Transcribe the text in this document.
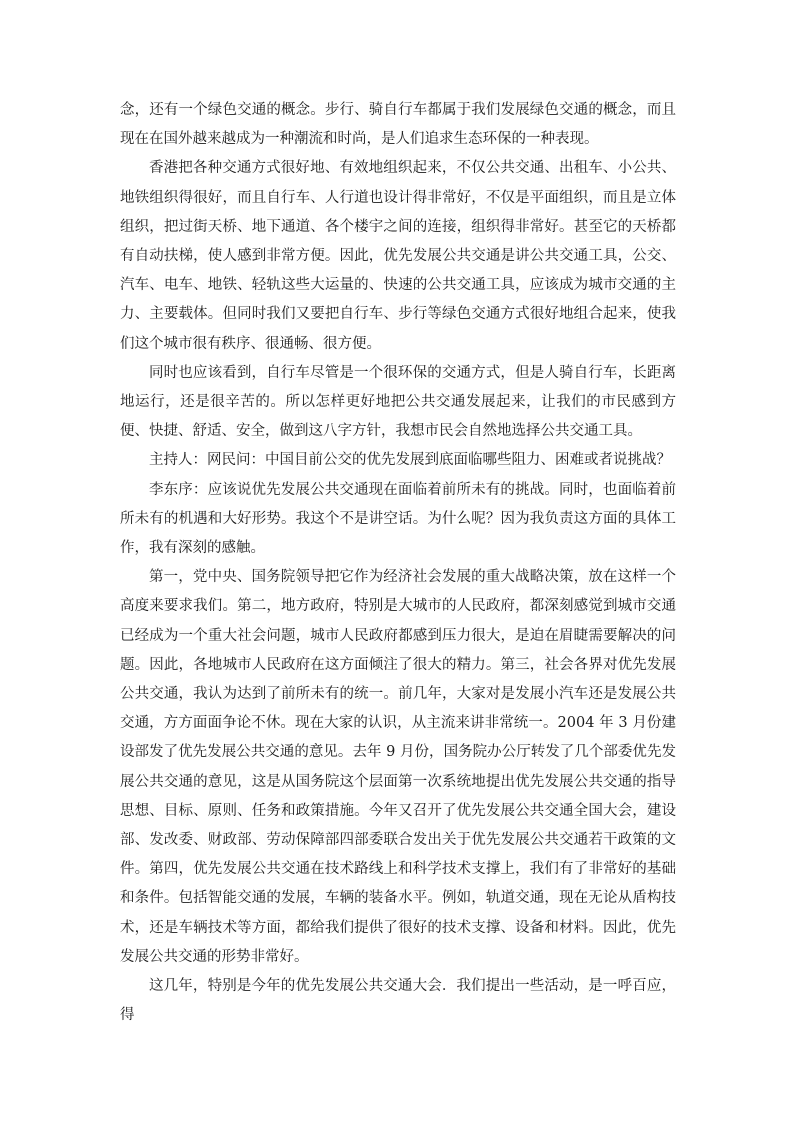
念，还有一个绿色交通的概念。步行、骑自行车都属于我们发展绿色交通的概念，而且现在在国外越来越成为一种潮流和时尚，是人们追求生态环保的一种表现。

香港把各种交通方式很好地、有效地组织起来，不仅公共交通、出租车、小公共、地铁组织得很好，而且自行车、人行道也设计得非常好，不仅是平面组织，而且是立体组织，把过街天桥、地下通道、各个楼宇之间的连接，组织得非常好。甚至它的天桥都有自动扶梯，使人感到非常方便。因此，优先发展公共交通是讲公共交通工具，公交、汽车、电车、地铁、轻轨这些大运量的、快速的公共交通工具，应该成为城市交通的主力、主要载体。但同时我们又要把自行车、步行等绿色交通方式很好地组合起来，使我们这个城市很有秩序、很通畅、很方便。

同时也应该看到，自行车尽管是一个很环保的交通方式，但是人骑自行车，长距离地运行，还是很辛苦的。所以怎样更好地把公共交通发展起来，让我们的市民感到方便、快捷、舒适、安全，做到这八字方针，我想市民会自然地选择公共交通工具。

主持人：网民问：中国目前公交的优先发展到底面临哪些阻力、困难或者说挑战？

李东序：应该说优先发展公共交通现在面临着前所未有的挑战。同时，也面临着前所未有的机遇和大好形势。我这个不是讲空话。为什么呢？因为我负责这方面的具体工作，我有深刻的感触。

第一，党中央、国务院领导把它作为经济社会发展的重大战略决策，放在这样一个高度来要求我们。第二，地方政府，特别是大城市的人民政府，都深刻感觉到城市交通已经成为一个重大社会问题，城市人民政府都感到压力很大，是迫在眉睫需要解决的问题。因此，各地城市人民政府在这方面倾注了很大的精力。第三，社会各界对优先发展公共交通，我认为达到了前所未有的统一。前几年，大家对是发展小汽车还是发展公共交通，方方面面争论不休。现在大家的认识，从主流来讲非常统一。2004 年 3 月份建设部发了优先发展公共交通的意见。去年 9 月份，国务院办公厅转发了几个部委优先发展公共交通的意见，这是从国务院这个层面第一次系统地提出优先发展公共交通的指导思想、目标、原则、任务和政策措施。今年又召开了优先发展公共交通全国大会，建设部、发改委、财政部、劳动保障部四部委联合发出关于优先发展公共交通若干政策的文件。第四，优先发展公共交通在技术路线上和科学技术支撑上，我们有了非常好的基础和条件。包括智能交通的发展，车辆的装备水平。例如，轨道交通，现在无论从盾构技术，还是车辆技术等方面，都给我们提供了很好的技术支撑、设备和材料。因此，优先发展公共交通的形势非常好。

这几年，特别是今年的优先发展公共交通大会．我们提出一些活动，是一呼百应，得
